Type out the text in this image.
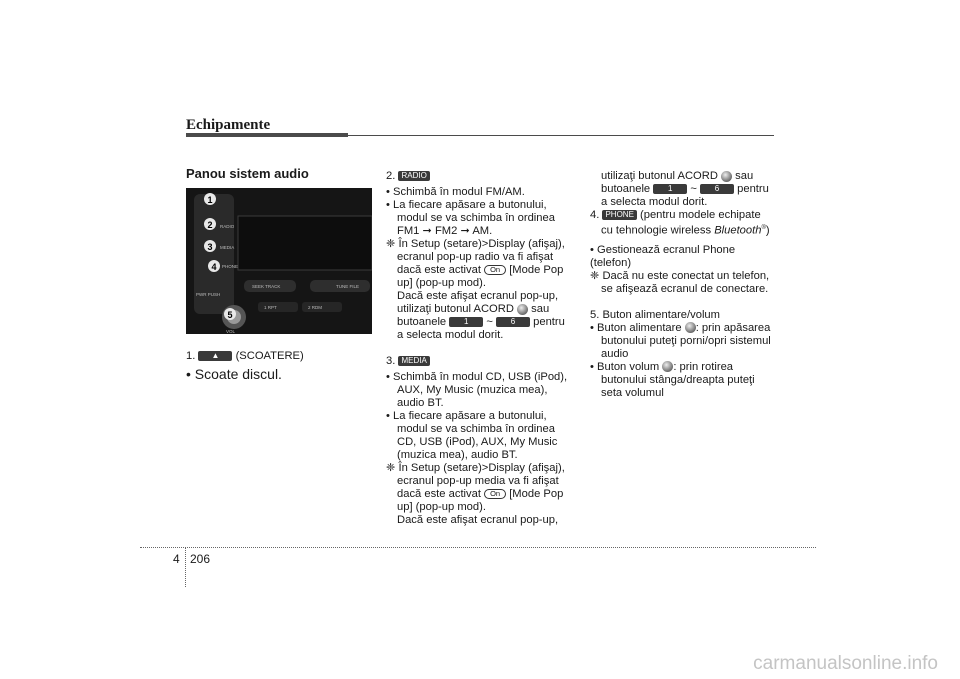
Echipamente
Panou sistem audio
1
2
3
4
5
RADIO
MEDIA
PHONE
SEEK TRACK	TUNE FILE
1 RPT	2 RDM
PWR PUSH
VOL

1. ▲ (SCOATERE)

• Scoate discul.

2. RADIO

• Schimbă în modul FM/AM.

• La fiecare apăsare a butonului, modul se va schimba în ordinea FM1 ➞ FM2 ➞ AM.

❈ În Setup (setare)>Display (afişaj), ecranul pop-up radio va fi afişat dacă este activat On [Mode Pop up] (pop-up mod).
Dacă este afişat ecranul pop-up, utilizaţi butonul ACORD sau butoanele 1 ~ 6 pentru a selecta modul dorit.

3. MEDIA

• Schimbă în modul CD, USB (iPod), AUX, My Music (muzica mea), audio BT.

• La fiecare apăsare a butonului, modul se va schimba în ordinea CD, USB (iPod), AUX, My Music (muzica mea), audio BT.

❈ În Setup (setare)>Display (afişaj), ecranul pop-up media va fi afişat dacă este activat On [Mode Pop up] (pop-up mod).
Dacă este afişat ecranul pop-up,

utilizaţi butonul ACORD sau butoanele 1 ~ 6 pentru a selecta modul dorit.

4. PHONE (pentru modele echipate cu tehnologie wireless Bluetooth®)

• Gestionează ecranul Phone (telefon)

❈ Dacă nu este conectat un telefon, se afişează ecranul de conectare.

5. Buton alimentare/volum

• Buton alimentare : prin apăsarea butonului puteţi porni/opri sistemul audio

• Buton volum : prin rotirea butonului stânga/dreapta puteţi seta volumul

4 206
carmanualsonline.info
